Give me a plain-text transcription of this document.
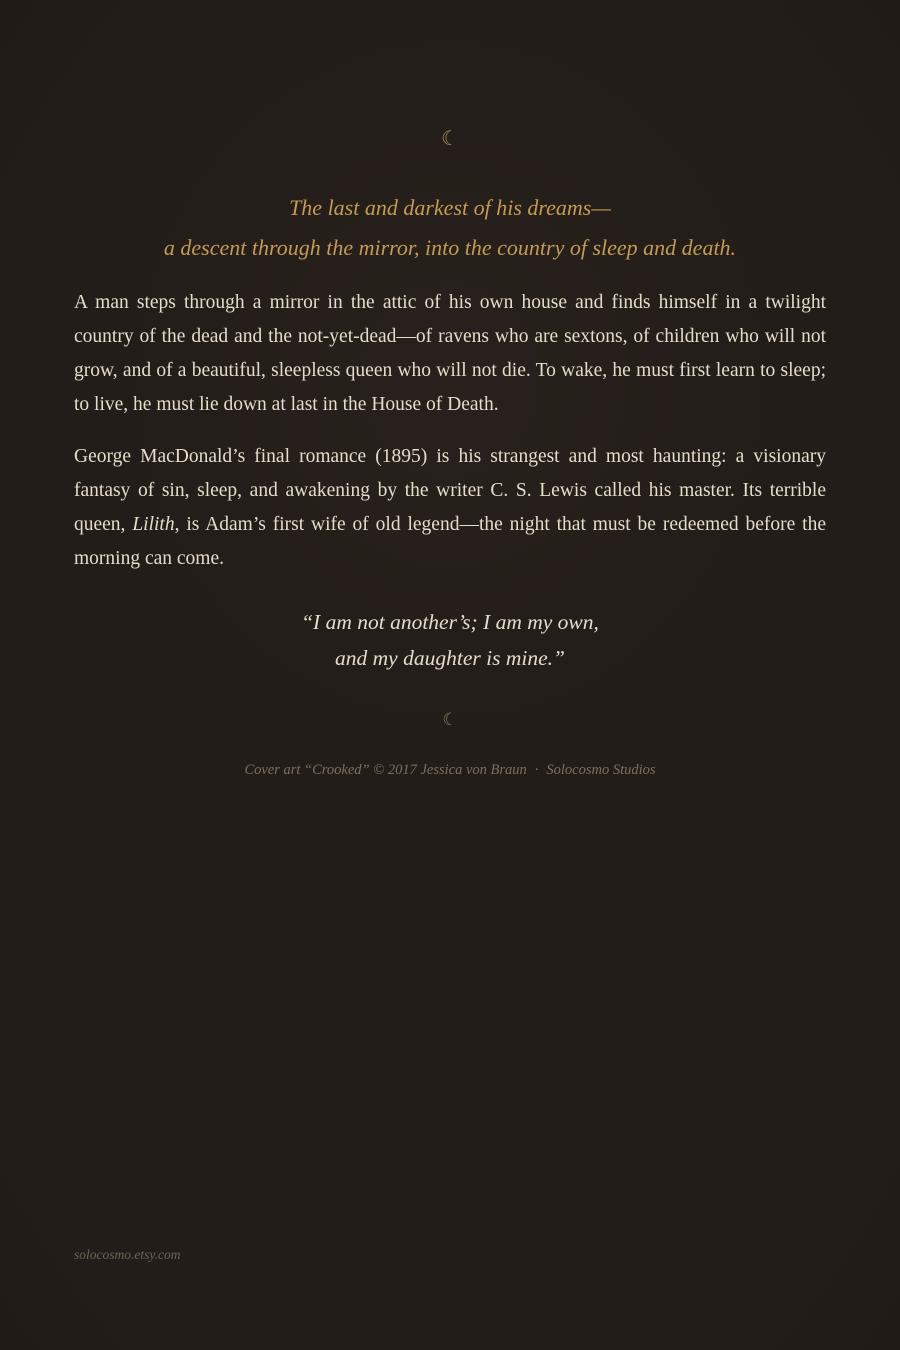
☾
The last and darkest of his dreams—
a descent through the mirror, into the country of sleep and death.

A man steps through a mirror in the attic of his own house and finds himself in a twilight country of the dead and the not-yet-dead—of ravens who are sextons, of children who will not grow, and of a beautiful, sleepless queen who will not die. To wake, he must first learn to sleep; to live, he must lie down at last in the House of Death.

George MacDonald’s final romance (1895) is his strangest and most haunting: a visionary fantasy of sin, sleep, and awakening by the writer C. S. Lewis called his master. Its terrible queen, Lilith, is Adam’s first wife of old legend—the night that must be redeemed before the morning can come.

“I am not another’s; I am my own,
and my daughter is mine.”
☾
Cover art “Crooked” © 2017 Jessica von Braun · Solocosmo Studios
solocosmo.etsy.com
